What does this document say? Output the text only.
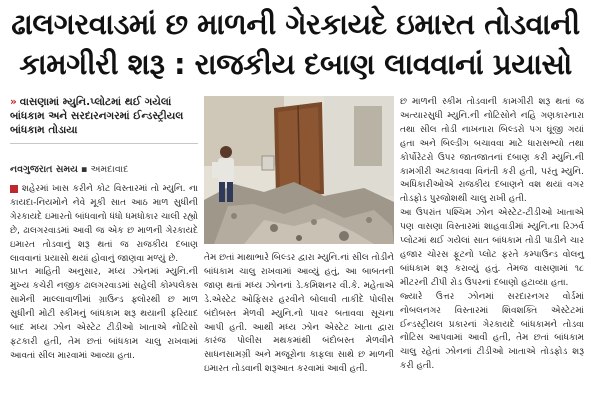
ઢાલગરવાડમાં છ માળની ગેરકાયદે ઇમારત તોડવાની
કામગીરી શરૂ : રાજકીય દબાણ લાવવાનાં પ્રયાસો
» વાસણામાં મ્યુનિ.પ્લોટમાં થઈ ગયેલાં બાંધકામ અને સરદારનગરમાં ઈન્ડસ્ટ્રીયલ બાંધકામ તોડાયા
નવગુજરાત સમય ▪ અમદાવાદ

શહેરમાં ખાસ કરીને કોટ વિસ્તારમાં તો મ્યુનિ. ના કાયદા-નિયમોને નેવે મૂકી સાત આઠ માળ સુધીની ગેરકાયદે ઇમારતો બાંધવાનો ધંધો ધમધોકાર ચાલી રહ્યો છે, ઢાલગરવાડમાં આવી જ એક છ માળની ગેરકાયદે ઇમારત તોડવાનું શરૂ થતાં જ રાજકીય દબાણ લાવવાનાં પ્રયાસો થયાં હોવાનું જાણવા મળ્યું છે.

પ્રાપ્ત માહિતી અનુસાર, મધ્ય ઝોનમાં મ્યુનિ.ની મુખ્ય કચેરી નજીક ઢાલગરવાડમાં સહેલી કોમ્પલેક્સ સામેની માલ્લાવાળીમાં ગ્રાઉન્ડ ફ્લોરથી છ માળ સુધીની મોટી સ્કીમનું બાંધકામ શરૂ થયાની ફરિયાદ બાદ મધ્ય ઝોન એસ્ટેટ ટીડીઓ ખાતાએ નોટિસો ફટકારી હતી, તેમ છતાં બાંધકામ ચાલુ રાખવામાં આવતાં સીલ મારવામાં આવ્યા હતા.

તેમ છતાં માથાભારે બિલ્ડર દ્વારા મ્યુનિ.નાં સીલ તોડીને બાંધકામ ચાલુ રાખવામાં આવ્યું હતું, આ બાબતની જાણ થતાં મધ્ય ઝોનનાં ડે.કમિશનર વી.કે. મહેતાએ ડે.એસ્ટેટ ઓફિસર હરવીને બોલાવી તાકીદે પોલીસ બંદોબસ્ત મેળવી મ્યુનિ.નો પાવર બતાવવા સૂચના આપી હતી. આથી મધ્ય ઝોન એસ્ટેટ ખાતા દ્વારા કારંજ પોલીસ મથકમાંથી બંદોબસ્ત મેળવીને સાધનસામગ્રી અને મજૂરોના કાફલા સાથે છ માળની ઇમારત તોડવાની શરૂઆત કરવામાં આવી હતી.

છ માળની સ્કીમ તોડવાની કામગીરી શરૂ થતાં જ અત્યારસુધી મ્યુનિ.ની નોટિસોને નહિ ગણકારનારા તથા સીલ તોડી નાખનારા બિલ્ડરો પગ ઘૂંજી ગયાં હતા અને બિલ્ડીંગ બચાવવા માટે ધારાસભ્યો તથા કોર્પોરેટરો ઉપર જાતજાતનાં દબાણ કરી મ્યુનિ.ની કામગીરી અટકાવવા વિનંતી કરી હતી, પરંતુ મ્યુનિ. અધિકારીઓએ રાજકીય દબાણને વશ થયાં વગર તોડફોડ પુરજોશથી ચાલુ રાખી હતી.

આ ઉપરાંત પશ્ચિમ ઝોન એસ્ટેટ-ટીડીઓ ખાતાએ પણ વાસણા વિસ્તારમાં શાહવાડીમાં મ્યુનિ.ના રિઝર્વ પ્લોટમાં થઈ ગયેલાં સાત બાંધકામ તોડી પાડીને ચાર હજાર ચોરસ ફૂટનો પ્લોટ ફરતે કમ્પાઉન્ડ વોલનુ બાંધકામ શરૂ કરાવ્યું હતું. તેમજ વાસણામાં ૧૮ મીટરની ટીપી રોડ ઉપરનાં દબાણો હટાવ્યા હતા.

જ્યારે ઉત્તર ઝોનમાં સરદારનગર વોર્ડમાં નોબલનગર વિસ્તારમાં શિવશક્તિ એસ્ટેટમાં ઈન્ડસ્ટ્રીયલ પ્રકારનાં ગેરકાયદે બાંધકામને તોડવા નોટિસ આપવામાં આવી હતી, તેમ છતાં બાંધકામ ચાલુ રહેતાં ઝોનનાં ટીડીઓ ખાતાએ તોડફોડ શરૂ કરી હતી.
